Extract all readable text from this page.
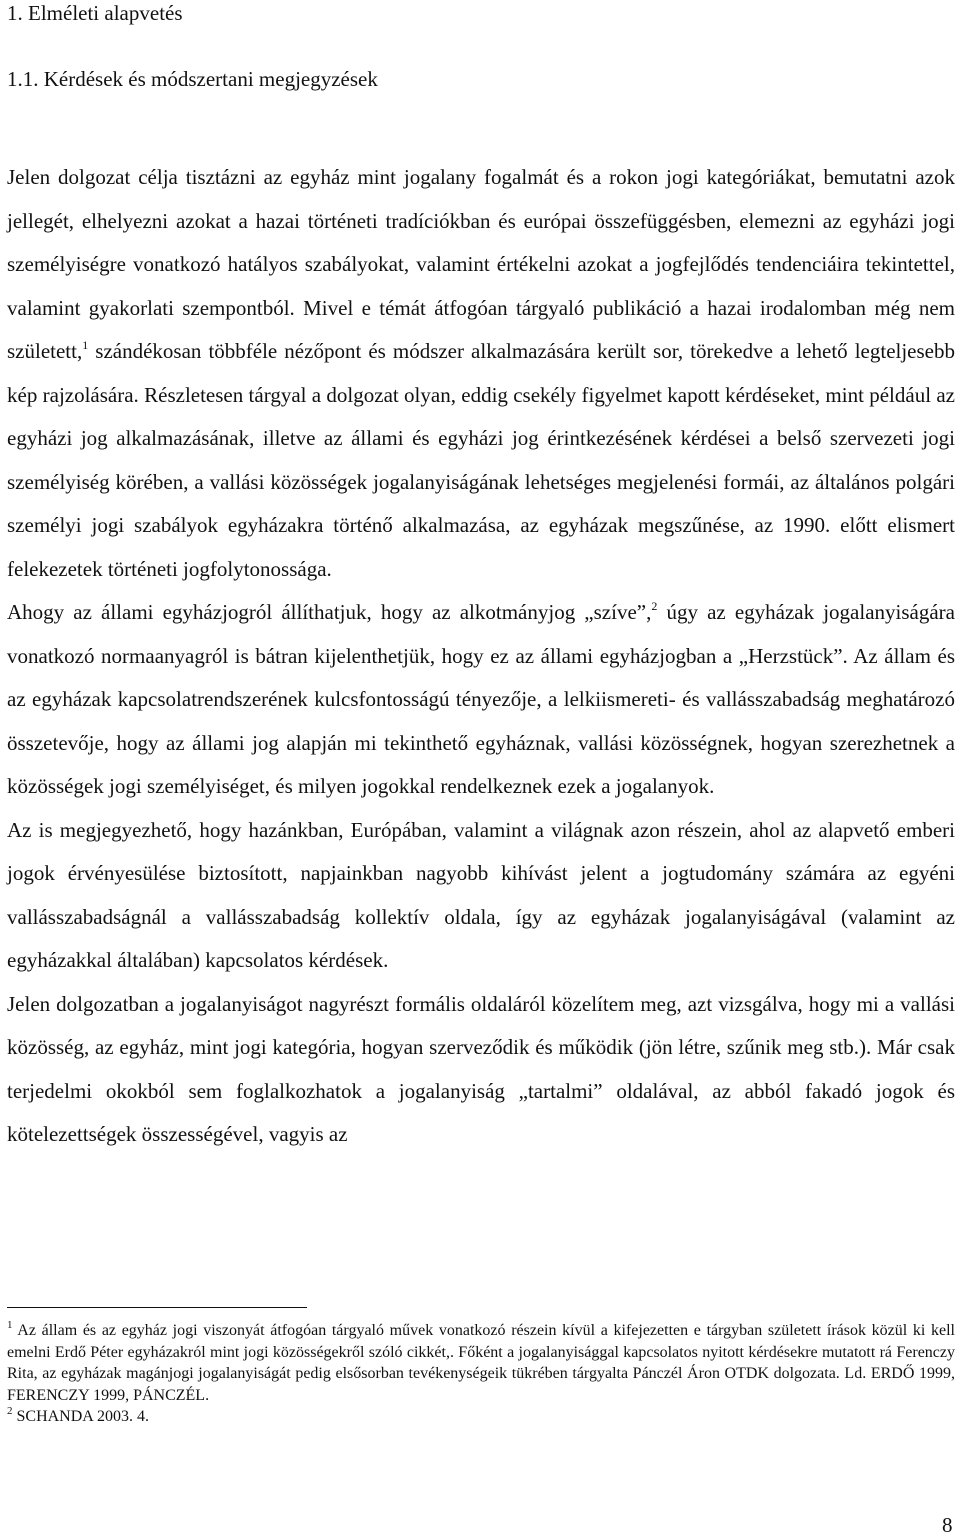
1. Elméleti alapvetés
1.1. Kérdések és módszertani megjegyzések

Jelen dolgozat célja tisztázni az egyház mint jogalany fogalmát és a rokon jogi kategóriákat, bemutatni azok jellegét, elhelyezni azokat a hazai történeti tradíciókban és európai összefüggésben, elemezni az egyházi jogi személyiségre vonatkozó hatályos szabályokat, valamint értékelni azokat a jogfejlődés tendenciáira tekintettel, valamint gyakorlati szempontból. Mivel e témát átfogóan tárgyaló publikáció a hazai irodalomban még nem született,$^1$ szándékosan többféle nézőpont és módszer alkalmazására került sor, törekedve a lehető legteljesebb kép rajzolására. Részletesen tárgyal a dolgozat olyan, eddig csekély figyelmet kapott kérdéseket, mint például az egyházi jog alkalmazásának, illetve az állami és egyházi jog érintkezésének kérdései a belső szervezeti jogi személyiség körében, a vallási közösségek jogalanyiságának lehetséges megjelenési formái, az általános polgári személyi jogi szabályok egyházakra történő alkalmazása, az egyházak megszűnése, az 1990. előtt elismert felekezetek történeti jogfolytonossága.

Ahogy az állami egyházjogról állíthatjuk, hogy az alkotmányjog „szíve”,$^2$ úgy az egyházak jogalanyiságára vonatkozó normaanyagról is bátran kijelenthetjük, hogy ez az állami egyházjogban a „Herzstück”. Az állam és az egyházak kapcsolatrendszerének kulcsfontosságú tényezője, a lelkiismereti- és vallásszabadság meghatározó összetevője, hogy az állami jog alapján mi tekinthető egyháznak, vallási közösségnek, hogyan szerezhetnek a közösségek jogi személyiséget, és milyen jogokkal rendelkeznek ezek a jogalanyok.

Az is megjegyezhető, hogy hazánkban, Európában, valamint a világnak azon részein, ahol az alapvető emberi jogok érvényesülése biztosított, napjainkban nagyobb kihívást jelent a jogtudomány számára az egyéni vallásszabadságnál a vallásszabadság kollektív oldala, így az egyházak jogalanyiságával (valamint az egyházakkal általában) kapcsolatos kérdések.

Jelen dolgozatban a jogalanyiságot nagyrészt formális oldaláról közelítem meg, azt vizsgálva, hogy mi a vallási közösség, az egyház, mint jogi kategória, hogyan szerveződik és működik (jön létre, szűnik meg stb.). Már csak terjedelmi okokból sem foglalkozhatok a jogalanyiság „tartalmi” oldalával, az abból fakadó jogok és kötelezettségek összességével, vagyis az

$^1$ Az állam és az egyház jogi viszonyát átfogóan tárgyaló művek vonatkozó részein kívül a kifejezetten e tárgyban született írások közül ki kell emelni Erdő Péter egyházakról mint jogi közösségekről szóló cikkét,. Főként a jogalanyisággal kapcsolatos nyitott kérdésekre mutatott rá Ferenczy Rita, az egyházak magánjogi jogalanyiságát pedig elsősorban tevékenységeik tükrében tárgyalta Pánczél Áron OTDK dolgozata. Ld. ERDŐ 1999, FERENCZY 1999, PÁNCZÉL.

$^2$ SCHANDA 2003. 4.

8
